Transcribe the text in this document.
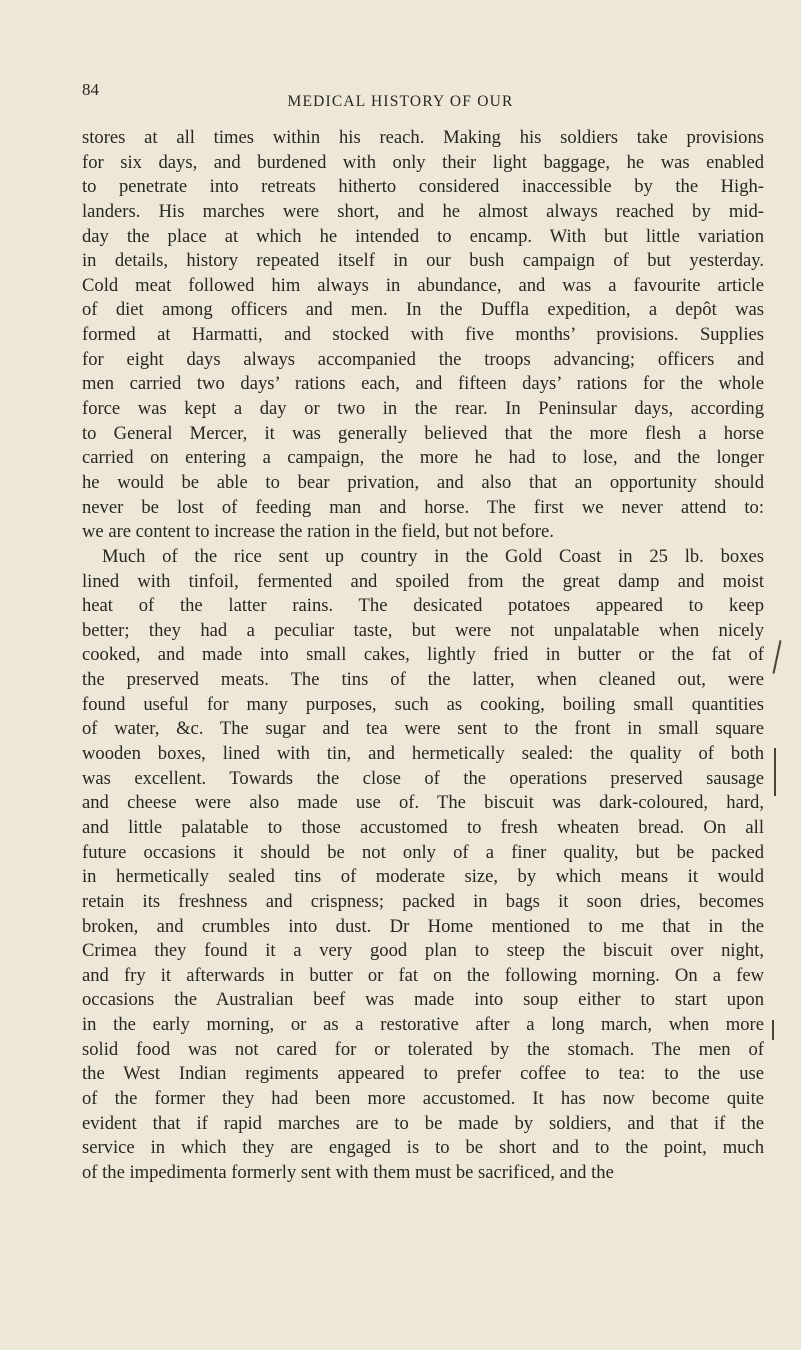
84
MEDICAL HISTORY OF OUR
stores at all times within his reach. Making his soldiers take provisions
for six days, and burdened with only their light baggage, he was enabled
to penetrate into retreats hitherto considered inaccessible by the High-
landers. His marches were short, and he almost always reached by mid-
day the place at which he intended to encamp. With but little variation
in details, history repeated itself in our bush campaign of but yesterday.
Cold meat followed him always in abundance, and was a favourite article
of diet among officers and men. In the Duffla expedition, a depôt was
formed at Harmatti, and stocked with five months’ provisions. Supplies
for eight days always accompanied the troops advancing; officers and
men carried two days’ rations each, and fifteen days’ rations for the whole
force was kept a day or two in the rear. In Peninsular days, according
to General Mercer, it was generally believed that the more flesh a horse
carried on entering a campaign, the more he had to lose, and the longer
he would be able to bear privation, and also that an opportunity should
never be lost of feeding man and horse. The first we never attend to:
we are content to increase the ration in the field, but not before.
Much of the rice sent up country in the Gold Coast in 25 lb. boxes
lined with tinfoil, fermented and spoiled from the great damp and moist
heat of the latter rains. The desicated potatoes appeared to keep
better; they had a peculiar taste, but were not unpalatable when nicely
cooked, and made into small cakes, lightly fried in butter or the fat of
the preserved meats. The tins of the latter, when cleaned out, were
found useful for many purposes, such as cooking, boiling small quantities
of water, &c. The sugar and tea were sent to the front in small square
wooden boxes, lined with tin, and hermetically sealed: the quality of both
was excellent. Towards the close of the operations preserved sausage
and cheese were also made use of. The biscuit was dark-coloured, hard,
and little palatable to those accustomed to fresh wheaten bread. On all
future occasions it should be not only of a finer quality, but be packed
in hermetically sealed tins of moderate size, by which means it would
retain its freshness and crispness; packed in bags it soon dries, becomes
broken, and crumbles into dust. Dr Home mentioned to me that in the
Crimea they found it a very good plan to steep the biscuit over night,
and fry it afterwards in butter or fat on the following morning. On a few
occasions the Australian beef was made into soup either to start upon
in the early morning, or as a restorative after a long march, when more
solid food was not cared for or tolerated by the stomach. The men of
the West Indian regiments appeared to prefer coffee to tea: to the use
of the former they had been more accustomed. It has now become quite
evident that if rapid marches are to be made by soldiers, and that if the
service in which they are engaged is to be short and to the point, much
of the impedimenta formerly sent with them must be sacrificed, and the
